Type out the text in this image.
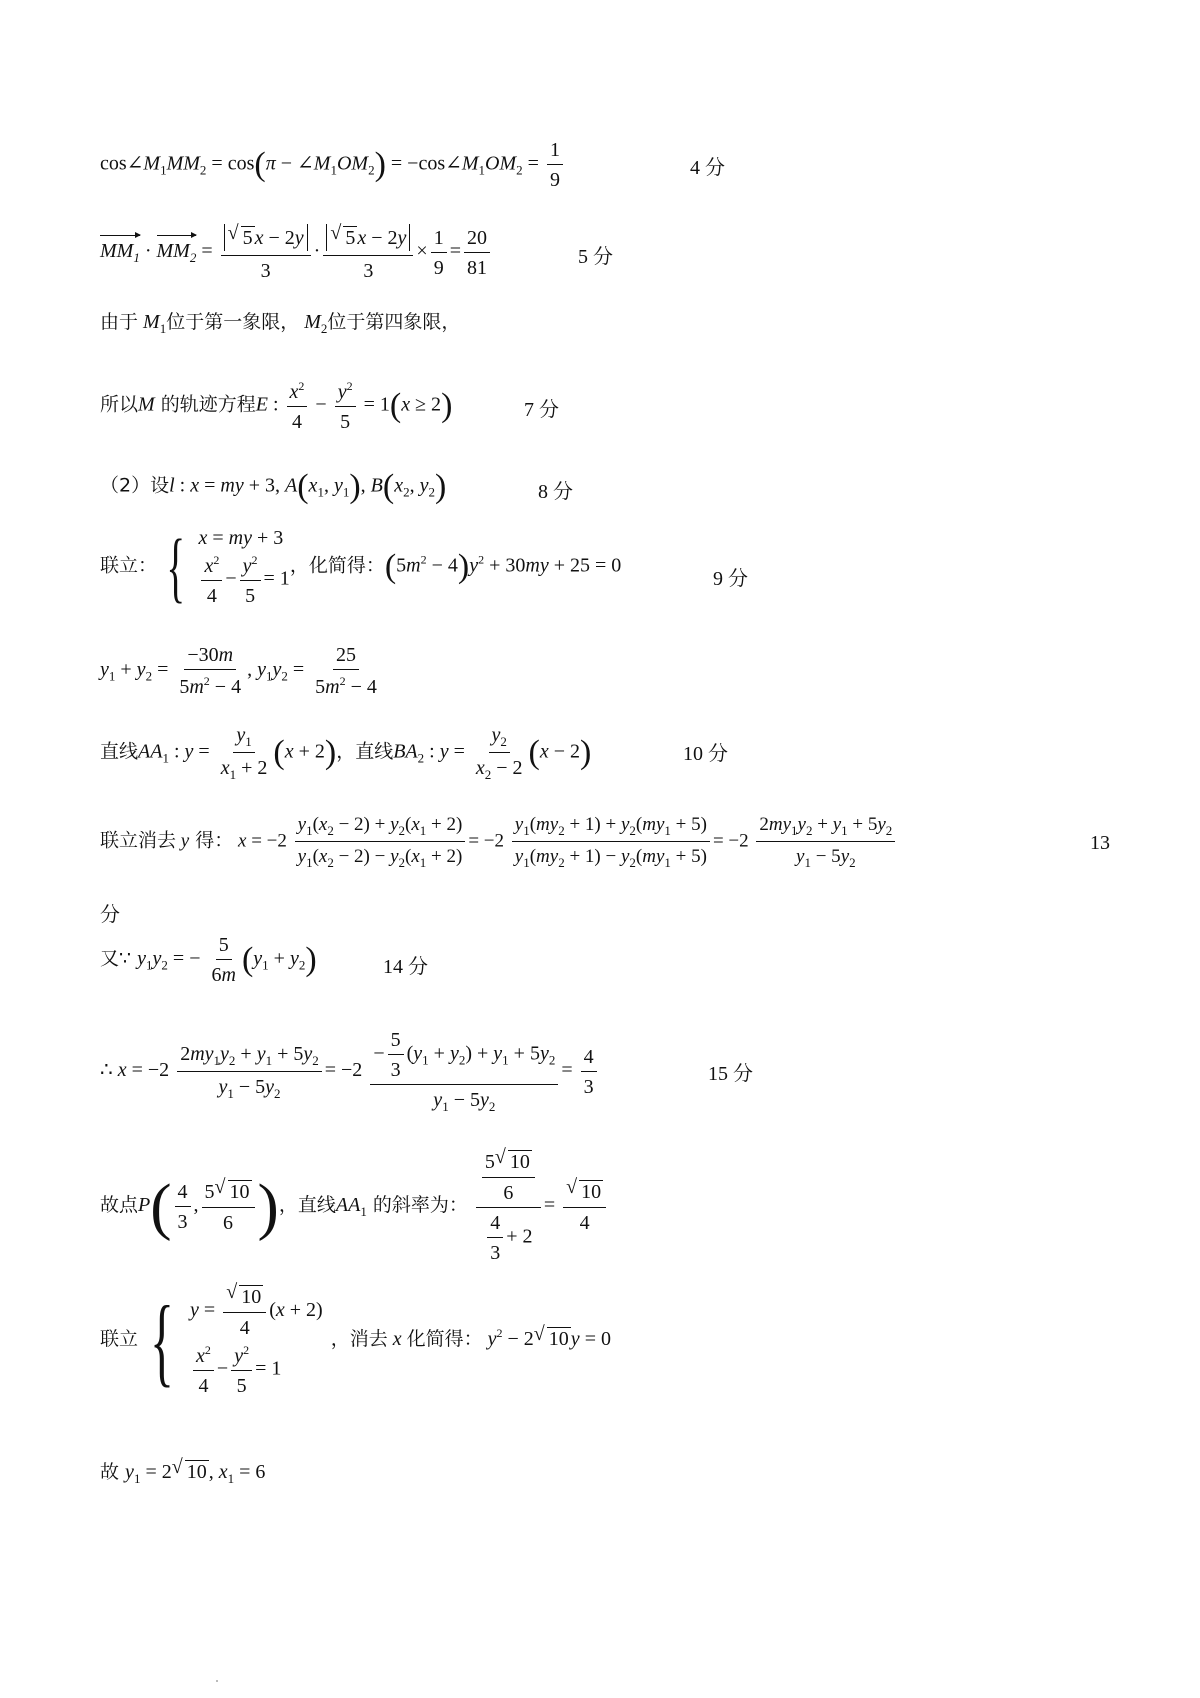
$\cos\angle M_1MM_2 = \cos(\pi$ − $\angle M_1OM_2$) = $-\cos\angle M_1OM_2 = \frac{1}{9}$	4 分
$MM_1 \cdot MM_2 = \frac{√ 5 x - 2y}{3} \cdot \frac{√ 5 x - 2y}{3} \times \frac{1}{9} = \frac{20}{81}$	5 分
由于 $M_1$位于第一象限， $M_2$位于第四象限，
所以M 的轨迹方程E : $\frac{x^2}{4} - \frac{y^2}{5} = 1(x \ge 2)$	7 分
（2）设l : x = my + 3, $A(x_1$, $y_1$), $B(x_2$, $y_2$)	8 分
联立： { x = my + 3
$\frac{x^2}{4} - \frac{y^2}{5} = 1$
，化简得：$(5m^2 - 4)y^2 + 30my + 25 = 0$
9 分
$y_1 + y_2 = \frac{-30m}{5m^2 - 4}$ , $y_1y_2 = \frac{25}{5m^2 - 4}$
直线$AA_1$ : $y = \frac{y_1}{x_1 + 2} (x + 2)$，直线$BA_2$ : $y = \frac{y_2}{x_2 - 2} (x - 2)$	10 分
联立消去 y 得： $x = -2 \frac{y_1(x_2 - 2) + y_2(x_1 + 2)}{y_1(x_2 - 2) - y_2(x_1 + 2)} = -2 \frac{y_1(my_2 + 1) + y_2(my_1 + 5)}{y_1(my_2 + 1) - y_2(my_1 + 5)} = -2 \frac{2my_1y_2 + y_1 + 5y_2}{y_1 - 5y_2}$	13
分
又∵ $y_1y_2$ = − $\frac{5}{6m} (y_1 + y_2)$	14 分
∴ $x = -2 \frac{2my_1y_2 + y_1 + 5y_2}{y_1 - 5y_2} = -2 \frac{- \frac{5}{3} (y_1 + y_2) + y_1 + 5y_2}{y_1 - 5y_2} = \frac{4}{3}$	15 分
故点$P( \frac{4}{3}$ , $\frac{5 √ 10}{6}$ )，直线$AA_1$ 的斜率为： $\frac{\frac{5 √ 10}{6}}{\frac{4}{3} + 2} = \frac{√ 10}{4}$
联立 { $y = \frac{√ 10}{4} (x + 2)$
$\frac{x^2}{4} - \frac{y^2}{5} = 1$
，消去 x 化简得： $y^2 - 2$ √ 10 y = 0
故 $y_1 = 2$ √ 10 , $x_1 = 6$
